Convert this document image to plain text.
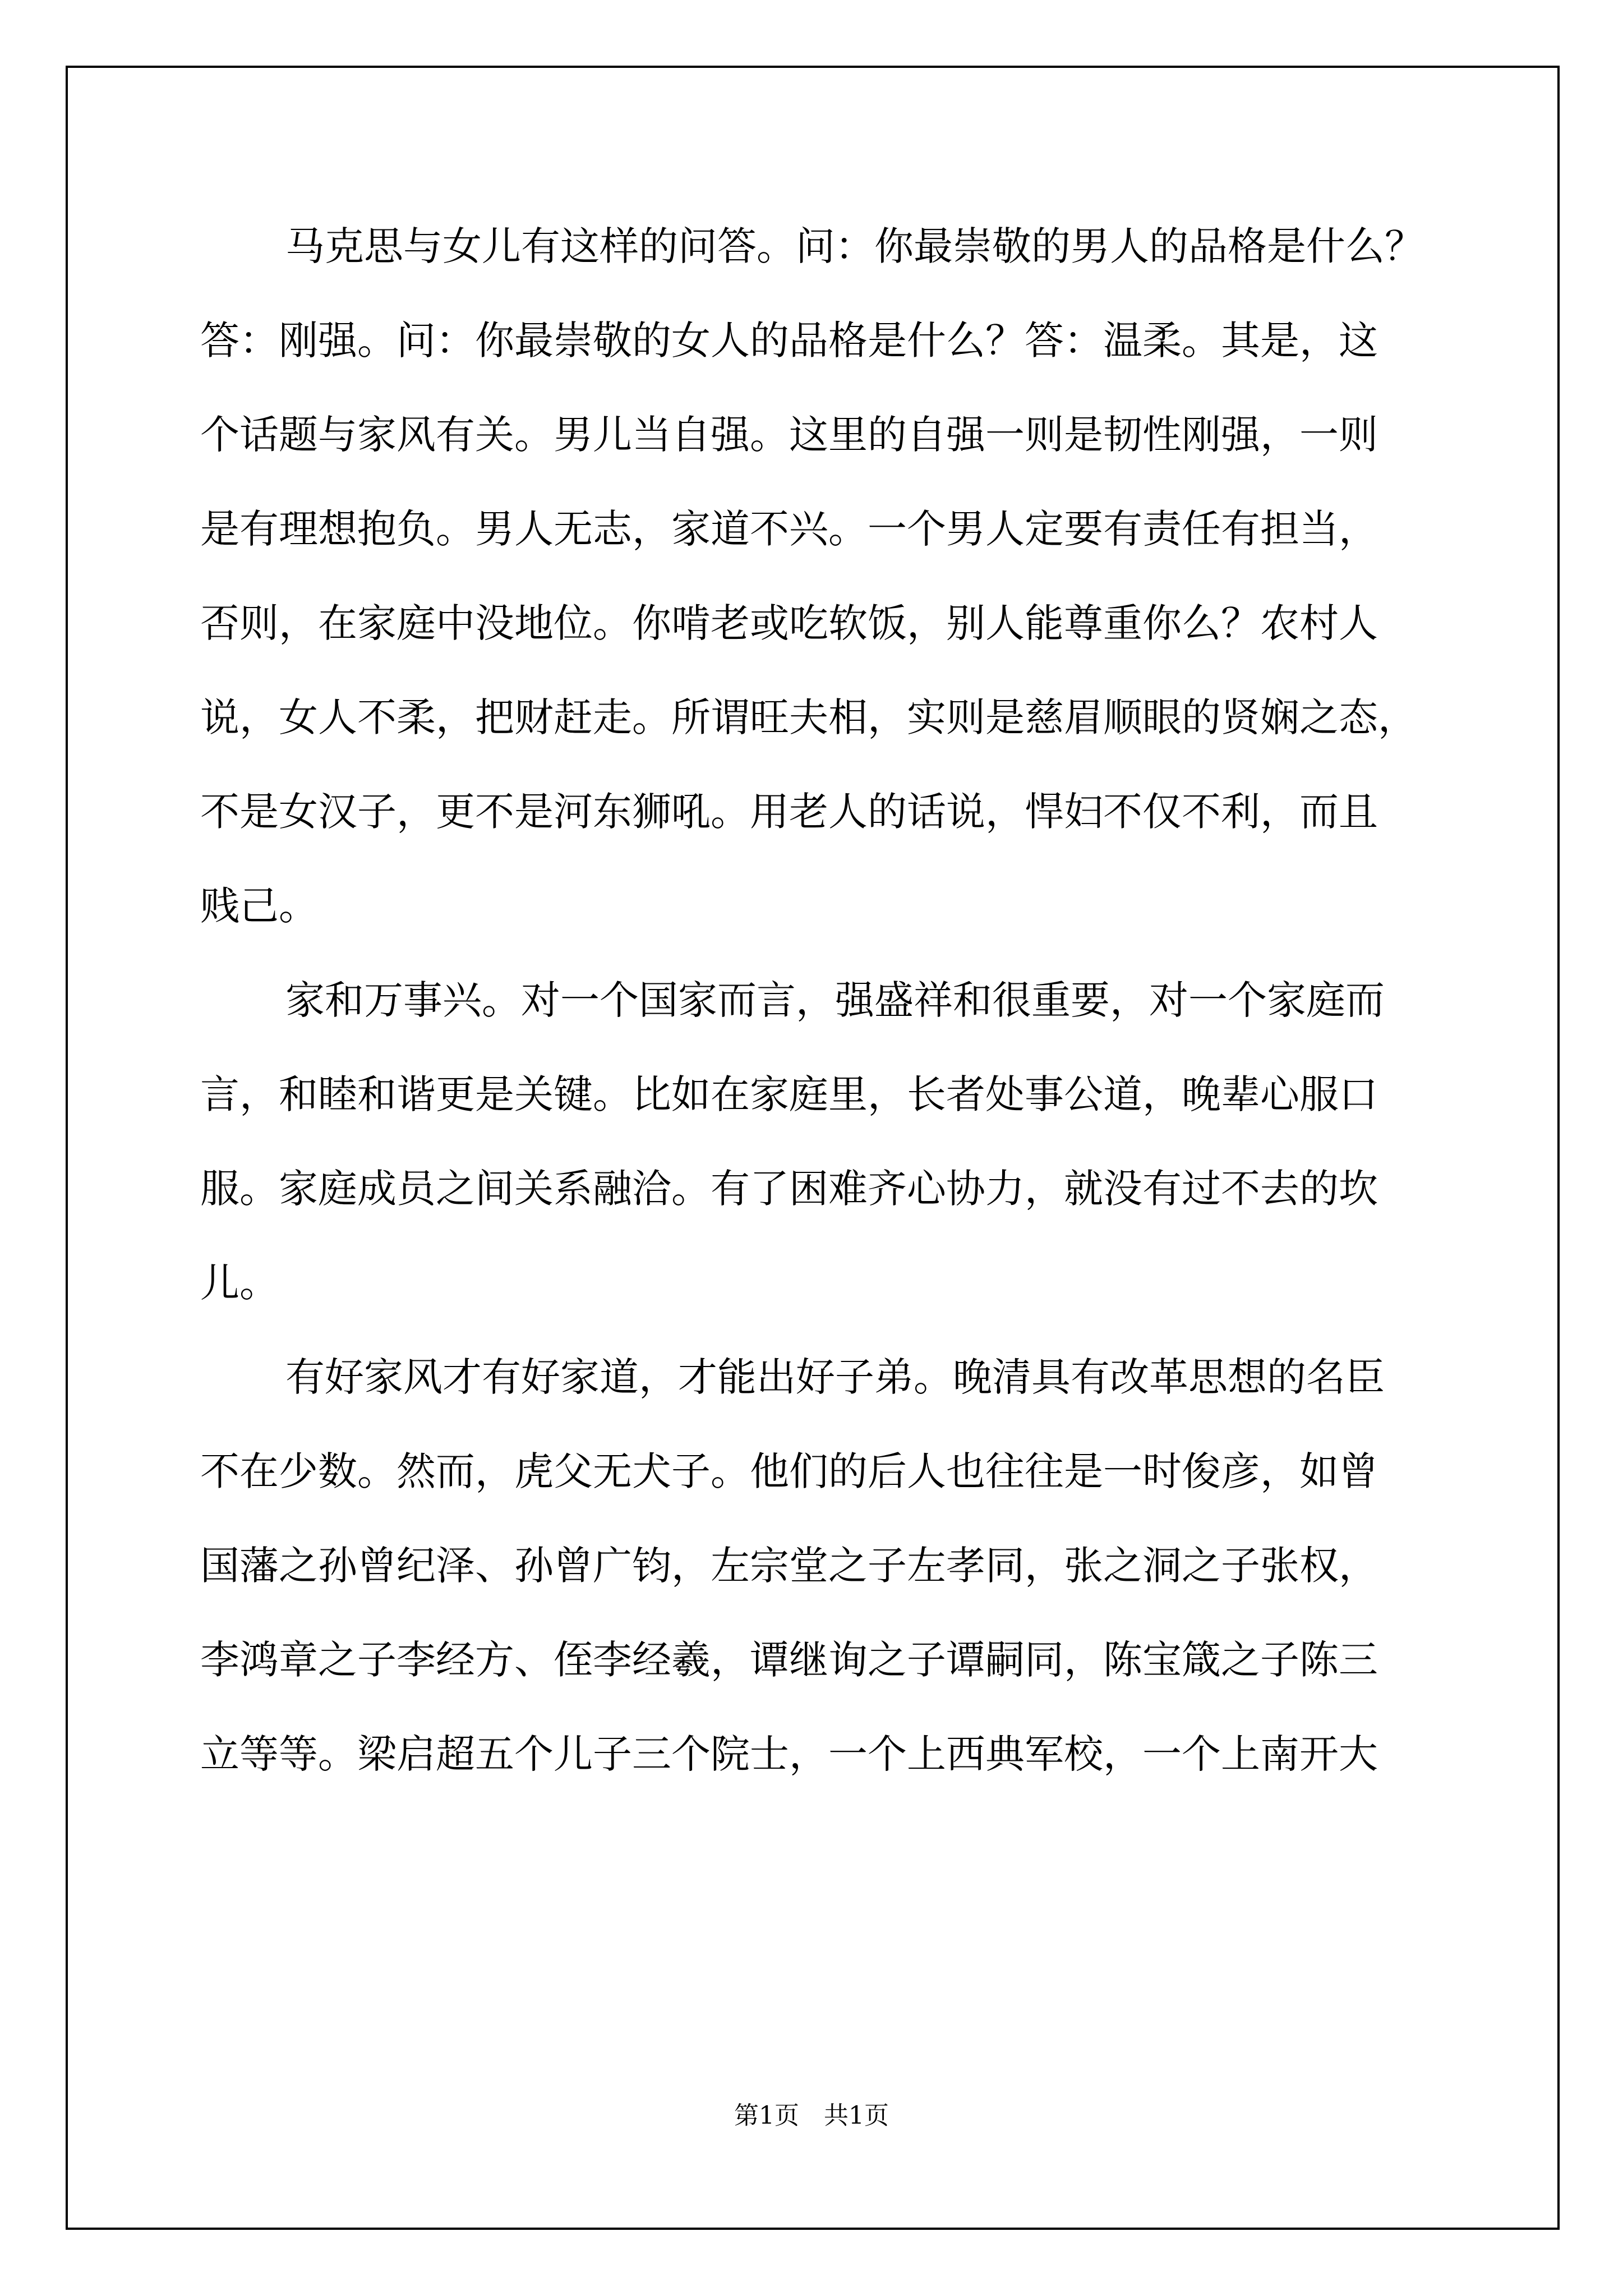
马克思与女儿有这样的问答。问：你最崇敬的男人的品格是什么？
答：刚强。问：你最崇敬的女人的品格是什么？答：温柔。其是，这
个话题与家风有关。男儿当自强。这里的自强一则是韧性刚强，一则
是有理想抱负。男人无志，家道不兴。一个男人定要有责任有担当，
否则，在家庭中没地位。你啃老或吃软饭，别人能尊重你么？农村人
说，女人不柔，把财赶走。所谓旺夫相，实则是慈眉顺眼的贤娴之态，
不是女汉子，更不是河东狮吼。用老人的话说，悍妇不仅不利，而且
贱己。
家和万事兴。对一个国家而言，强盛祥和很重要，对一个家庭而
言，和睦和谐更是关键。比如在家庭里，长者处事公道，晚辈心服口
服。家庭成员之间关系融洽。有了困难齐心协力，就没有过不去的坎
儿。
有好家风才有好家道，才能出好子弟。晚清具有改革思想的名臣
不在少数。然而，虎父无犬子。他们的后人也往往是一时俊彦，如曾
国藩之孙曾纪泽、孙曾广钧，左宗堂之子左孝同，张之洞之子张权，
李鸿章之子李经方、侄李经羲，谭继询之子谭嗣同，陈宝箴之子陈三
立等等。梁启超五个儿子三个院士，一个上西典军校，一个上南开大
第1页　共1页
